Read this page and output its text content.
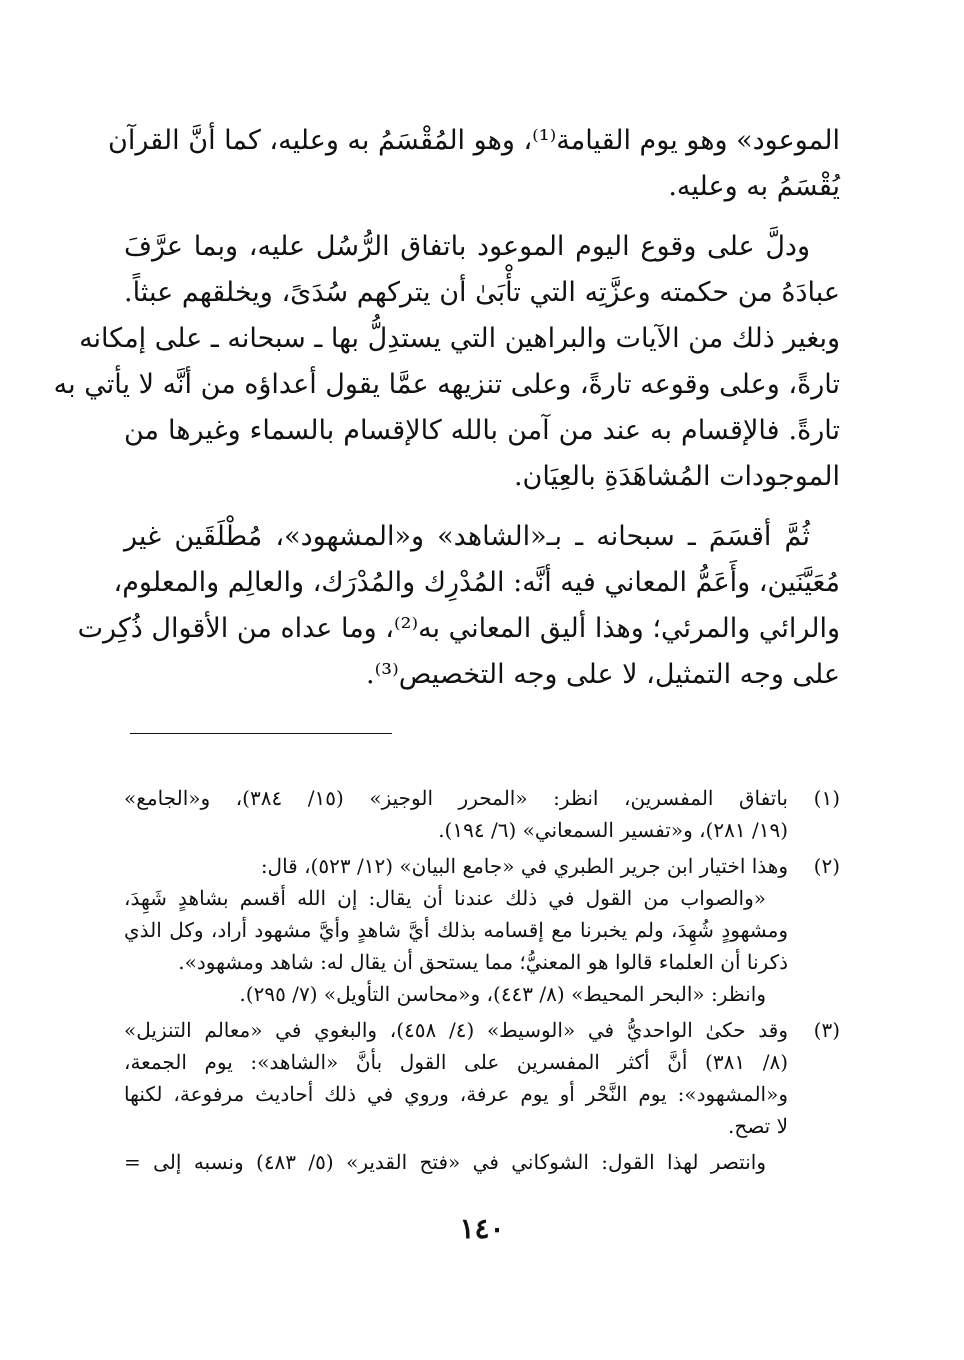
الموعود» وهو يوم القيامة⁽¹⁾، وهو المُقْسَمُ به وعليه، كما أنَّ القرآن
يُقْسَمُ به وعليه.
ودلَّ على وقوع اليوم الموعود باتفاق الرُّسُل عليه، وبما عرَّفَ
عبادَهُ من حكمته وعزَّتِه التي تأْبَىٰ أن يتركهم سُدَىً، ويخلقهم عبثاً.
وبغير ذلك من الآيات والبراهين التي يستدِلُّ بها ـ سبحانه ـ على إمكانه
تارةً، وعلى وقوعه تارةً، وعلى تنزيهه عمَّا يقول أعداؤه من أنَّه لا يأتي به
تارةً. فالإقسام به عند من آمن بالله كالإقسام بالسماء وغيرها من
الموجودات المُشاهَدَةِ بالعِيَان.
ثُمَّ أقسَمَ ـ سبحانه ـ بـ«الشاهد» و«المشهود»، مُطْلَقَين غير
مُعَيَّنَين، وأَعَمُّ المعاني فيه أنَّه: المُدْرِك والمُدْرَك، والعالِم والمعلوم،
والرائي والمرئي؛ وهذا أليق المعاني به⁽²⁾، وما عداه من الأقوال ذُكِرت
على وجه التمثيل، لا على وجه التخصيص⁽³⁾.
(١)
باتفاق المفسرين، انظر: «المحرر الوجيز» (١٥/ ٣٨٤)، و«الجامع»
(١٩/ ٢٨١)، و«تفسير السمعاني» (٦/ ١٩٤).
(٢)
وهذا اختيار ابن جرير الطبري في «جامع البيان» (١٢/ ٥٢٣)، قال:
«والصواب من القول في ذلك عندنا أن يقال: إن الله أقسم بشاهدٍ شَهِدَ،
ومشهودٍ شُهِدَ، ولم يخبرنا مع إقسامه بذلك أيَّ شاهدٍ وأيَّ مشهود أراد، وكل الذي
ذكرنا أن العلماء قالوا هو المعنيُّ؛ مما يستحق أن يقال له: شاهد ومشهود».
وانظر: «البحر المحيط» (٨/ ٤٤٣)، و«محاسن التأويل» (٧/ ٢٩٥).
(٣)
وقد حكىٰ الواحديُّ في «الوسيط» (٤/ ٤٥٨)، والبغوي في «معالم التنزيل»
(٨/ ٣٨١) أنَّ أكثر المفسرين على القول بأنَّ «الشاهد»: يوم الجمعة،
و«المشهود»: يوم النَّحْر أو يوم عرفة، وروي في ذلك أحاديث مرفوعة، لكنها
لا تصح.
وانتصر لهذا القول: الشوكاني في «فتح القدير» (٥/ ٤٨٣) ونسبه إلى =
١٤٠
